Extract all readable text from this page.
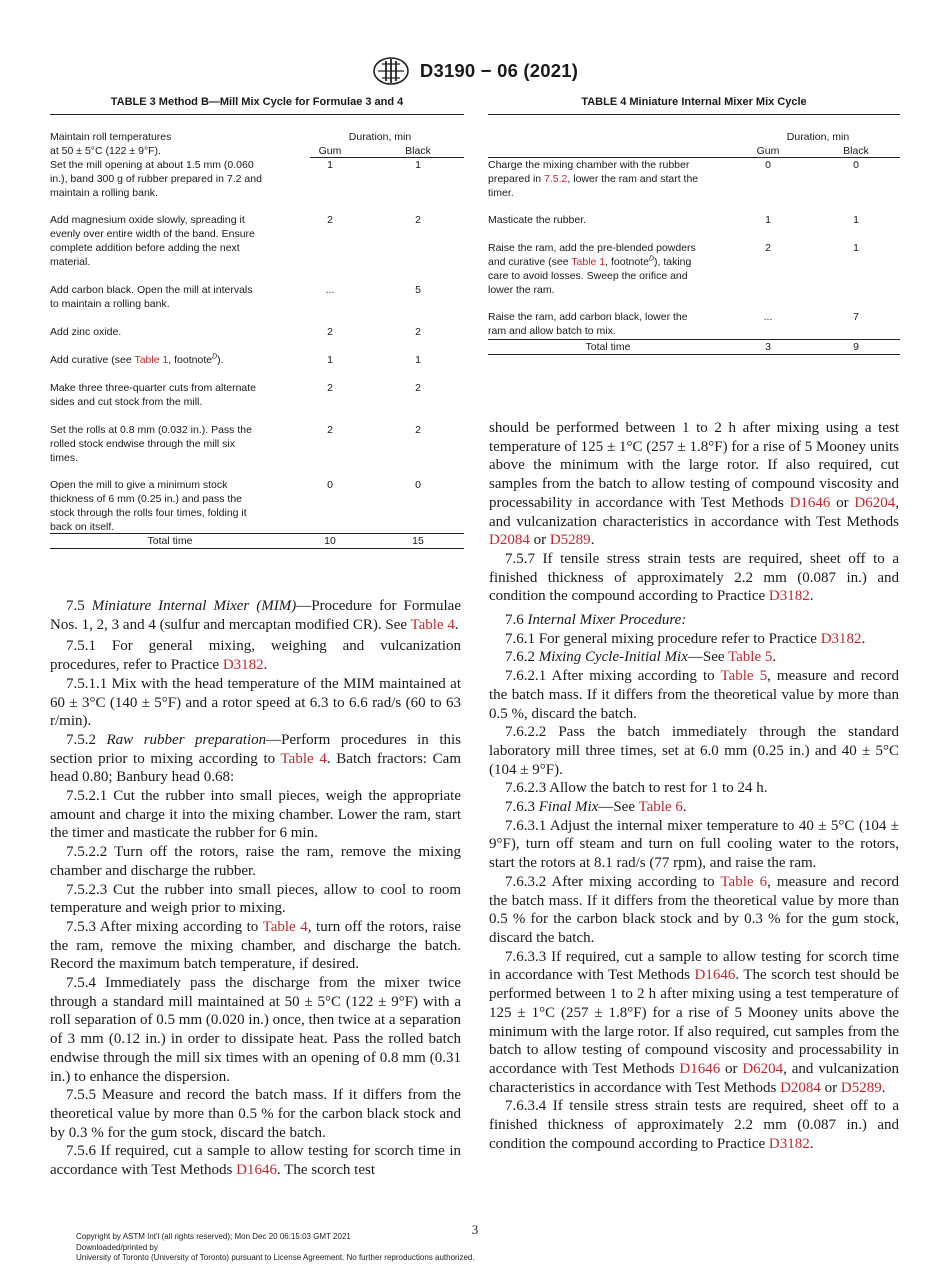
D3190 − 06 (2021)
TABLE 3 Method B—Mill Mix Cycle for Formulae 3 and 4
Maintain roll temperatures
at 50 ± 5°C (122 ± 9°F).
Duration, min
Gum	Black
Set the mill opening at about 1.5 mm (0.060
in.), band 300 g of rubber prepared in 7.2 and
maintain a rolling bank.
1	1
Add magnesium oxide slowly, spreading it
evenly over entire width of the band. Ensure
complete addition before adding the next
material.
2	2
Add carbon black. Open the mill at intervals
to maintain a rolling bank.
...	5
Add zinc oxide.	2	2
Add curative (see Table 1, footnote$^D$).	1	1
Make three three-quarter cuts from alternate
sides and cut stock from the mill.
2	2
Set the rolls at 0.8 mm (0.032 in.). Pass the
rolled stock endwise through the mill six
times.
2	2
Open the mill to give a minimum stock
thickness of 6 mm (0.25 in.) and pass the
stock through the rolls four times, folding it
back on itself.
0	0
Total time	10	15
TABLE 4 Miniature Internal Mixer Mix Cycle
Duration, min
Gum	Black
Charge the mixing chamber with the rubber
prepared in 7.5.2, lower the ram and start the
timer.
0	0
Masticate the rubber.	1	1
Raise the ram, add the pre-blended powders
and curative (see Table 1, footnote$^D$), taking
care to avoid losses. Sweep the orifice and
lower the ram.
2	1
Raise the ram, add carbon black, lower the
ram and allow batch to mix.
...	7
Total time	3	9

7.5 Miniature Internal Mixer (MIM)—Procedure for Formulae Nos. 1, 2, 3 and 4 (sulfur and mercaptan modified CR). See Table 4.

7.5.1 For general mixing, weighing and vulcanization procedures, refer to Practice D3182.

7.5.1.1 Mix with the head temperature of the MIM maintained at 60 ± 3°C (140 ± 5°F) and a rotor speed at 6.3 to 6.6 rad/s (60 to 63 r/min).

7.5.2 Raw rubber preparation—Perform procedures in this section prior to mixing according to Table 4. Batch fractors: Cam head 0.80; Banbury head 0.68:

7.5.2.1 Cut the rubber into small pieces, weigh the appropriate amount and charge it into the mixing chamber. Lower the ram, start the timer and masticate the rubber for 6 min.

7.5.2.2 Turn off the rotors, raise the ram, remove the mixing chamber and discharge the rubber.

7.5.2.3 Cut the rubber into small pieces, allow to cool to room temperature and weigh prior to mixing.

7.5.3 After mixing according to Table 4, turn off the rotors, raise the ram, remove the mixing chamber, and discharge the batch. Record the maximum batch temperature, if desired.

7.5.4 Immediately pass the discharge from the mixer twice through a standard mill maintained at 50 ± 5°C (122 ± 9°F) with a roll separation of 0.5 mm (0.020 in.) once, then twice at a separation of 3 mm (0.12 in.) in order to dissipate heat. Pass the rolled batch endwise through the mill six times with an opening of 0.8 mm (0.31 in.) to enhance the dispersion.

7.5.5 Measure and record the batch mass. If it differs from the theoretical value by more than 0.5 % for the carbon black stock and by 0.3 % for the gum stock, discard the batch.

7.5.6 If required, cut a sample to allow testing for scorch time in accordance with Test Methods D1646. The scorch test

should be performed between 1 to 2 h after mixing using a test temperature of 125 ± 1°C (257 ± 1.8°F) for a rise of 5 Mooney units above the minimum with the large rotor. If also required, cut samples from the batch to allow testing of compound viscosity and processability in accordance with Test Methods D1646 or D6204, and vulcanization characteristics in accordance with Test Methods D2084 or D5289.

7.5.7 If tensile stress strain tests are required, sheet off to a finished thickness of approximately 2.2 mm (0.087 in.) and condition the compound according to Practice D3182.

7.6 Internal Mixer Procedure:

7.6.1 For general mixing procedure refer to Practice D3182.

7.6.2 Mixing Cycle-Initial Mix—See Table 5.

7.6.2.1 After mixing according to Table 5, measure and record the batch mass. If it differs from the theoretical value by more than 0.5 %, discard the batch.

7.6.2.2 Pass the batch immediately through the standard laboratory mill three times, set at 6.0 mm (0.25 in.) and 40 ± 5°C (104 ± 9°F).

7.6.2.3 Allow the batch to rest for 1 to 24 h.

7.6.3 Final Mix—See Table 6.

7.6.3.1 Adjust the internal mixer temperature to 40 ± 5°C (104 ± 9°F), turn off steam and turn on full cooling water to the rotors, start the rotors at 8.1 rad/s (77 rpm), and raise the ram.

7.6.3.2 After mixing according to Table 6, measure and record the batch mass. If it differs from the theoretical value by more than 0.5 % for the carbon black stock and by 0.3 % for the gum stock, discard the batch.

7.6.3.3 If required, cut a sample to allow testing for scorch time in accordance with Test Methods D1646. The scorch test should be performed between 1 to 2 h after mixing using a test temperature of 125 ± 1°C (257 ± 1.8°F) for a rise of 5 Mooney units above the minimum with the large rotor. If also required, cut samples from the batch to allow testing of compound viscosity and processability in accordance with Test Methods D1646 or D6204, and vulcanization characteristics in accordance with Test Methods D2084 or D5289.

7.6.3.4 If tensile stress strain tests are required, sheet off to a finished thickness of approximately 2.2 mm (0.087 in.) and condition the compound according to Practice D3182.

3
Copyright by ASTM Int'l (all rights reserved); Mon Dec 20 06:15:03 GMT 2021
Downloaded/printed by
University of Toronto (University of Toronto) pursuant to License Agreement. No further reproductions authorized.
